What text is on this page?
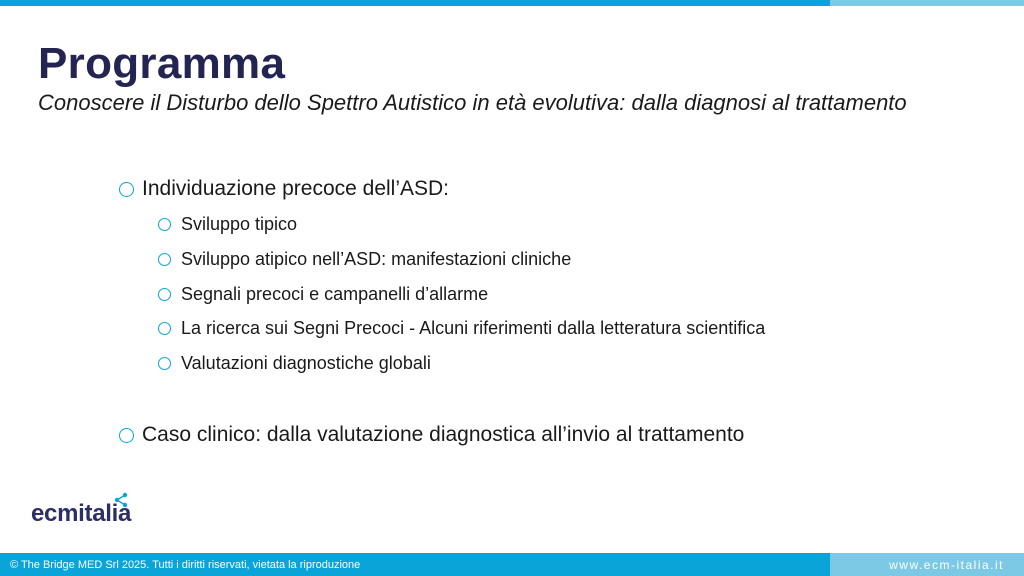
Programma

Conoscere il Disturbo dello Spettro Autistico in età evolutiva: dalla diagnosi al trattamento

Individuazione precoce dell’ASD:
Sviluppo tipico
Sviluppo atipico nell’ASD: manifestazioni cliniche
Segnali precoci e campanelli d’allarme
La ricerca sui Segni Precoci - Alcuni riferimenti dalla letteratura scientifica
Valutazioni diagnostiche globali
Caso clinico: dalla valutazione diagnostica all’invio al trattamento
ecmitalia
© The Bridge MED Srl 2025. Tutti i diritti riservati, vietata la riproduzione	www.ecm-italia.it
